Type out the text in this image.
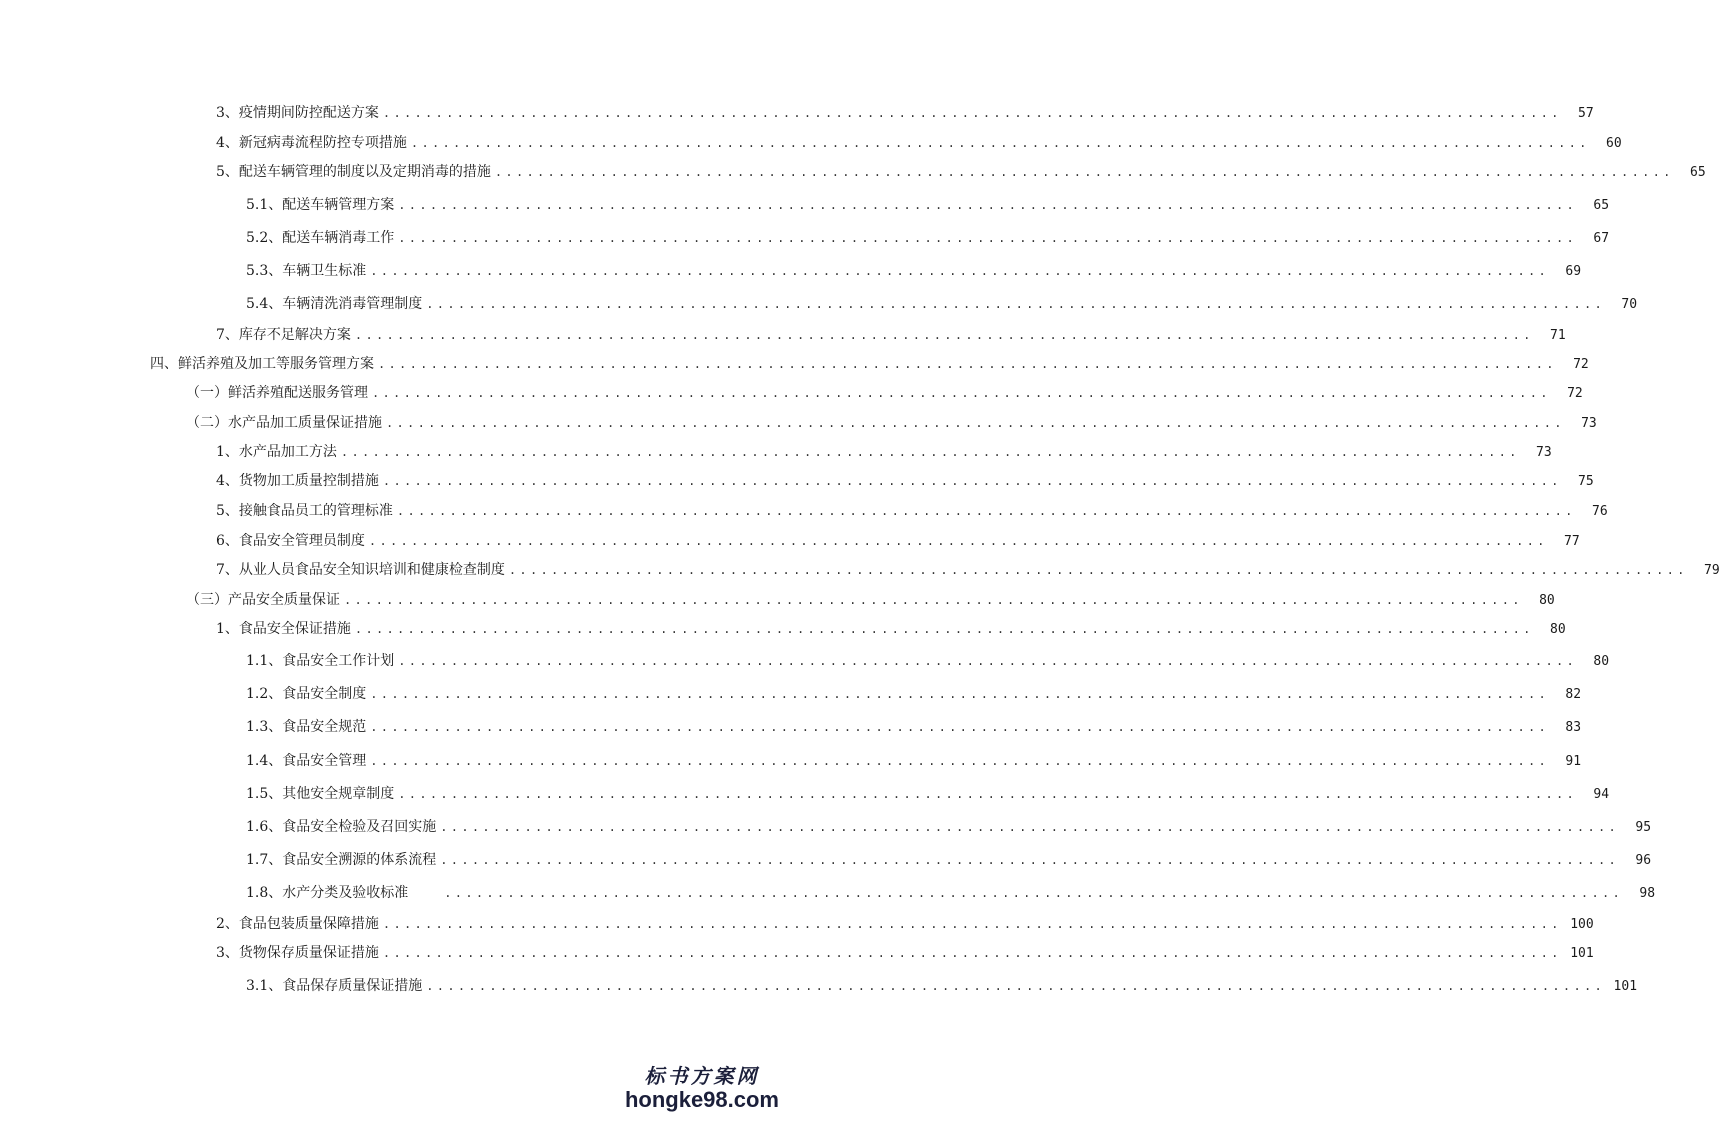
3、疫情期间防控配送方案 ................................................................................................................	57
4、新冠病毒流程防控专项措施 ................................................................................................................	60
5、配送车辆管理的制度以及定期消毒的措施 ................................................................................................................	65
5.1、配送车辆管理方案 ................................................................................................................	65
5.2、配送车辆消毒工作 ................................................................................................................	67
5.3、车辆卫生标准 ................................................................................................................	69
5.4、车辆清洗消毒管理制度 ................................................................................................................	70
7、库存不足解决方案 ................................................................................................................	71
四、鲜活养殖及加工等服务管理方案 ................................................................................................................	72
（一）鲜活养殖配送服务管理 ................................................................................................................	72
（二）水产品加工质量保证措施 ................................................................................................................	73
1、水产品加工方法 ................................................................................................................	73
4、货物加工质量控制措施 ................................................................................................................	75
5、接触食品员工的管理标准 ................................................................................................................	76
6、食品安全管理员制度 ................................................................................................................	77
7、从业人员食品安全知识培训和健康检查制度 ................................................................................................................	79
（三）产品安全质量保证 ................................................................................................................	80
1、食品安全保证措施 ................................................................................................................	80
1.1、食品安全工作计划 ................................................................................................................	80
1.2、食品安全制度 ................................................................................................................	82
1.3、食品安全规范 ................................................................................................................	83
1.4、食品安全管理 ................................................................................................................	91
1.5、其他安全规章制度 ................................................................................................................	94
1.6、食品安全检验及召回实施 ................................................................................................................	95
1.7、食品安全溯源的体系流程 ................................................................................................................	96
1.8、水产分类及验收标准	................................................................................................................	98
2、食品包装质量保障措施 ................................................................................................................ 100
3、货物保存质量保证措施 ................................................................................................................ 101
3.1、食品保存质量保证措施 ................................................................................................................ 101
标书方案网
hongke98.com
